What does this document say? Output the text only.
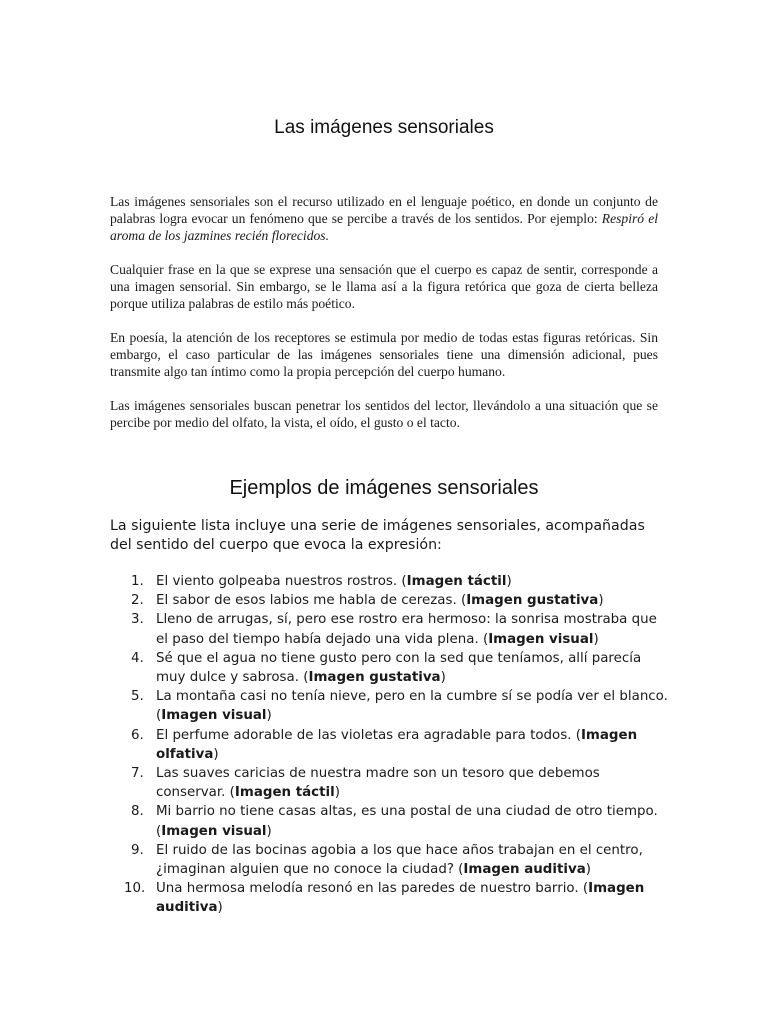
Las imágenes sensoriales

Las imágenes sensoriales son el recurso utilizado en el lenguaje poético, en donde un conjunto de palabras logra evocar un fenómeno que se percibe a través de los sentidos. Por ejemplo: Respiró el aroma de los jazmines recién florecidos.

Cualquier frase en la que se exprese una sensación que el cuerpo es capaz de sentir, corresponde a una imagen sensorial. Sin embargo, se le llama así a la figura retórica que goza de cierta belleza porque utiliza palabras de estilo más poético.

En poesía, la atención de los receptores se estimula por medio de todas estas figuras retóricas. Sin embargo, el caso particular de las imágenes sensoriales tiene una dimensión adicional, pues transmite algo tan íntimo como la propia percepción del cuerpo humano.

Las imágenes sensoriales buscan penetrar los sentidos del lector, llevándolo a una situación que se percibe por medio del olfato, la vista, el oído, el gusto o el tacto.

Ejemplos de imágenes sensoriales

La siguiente lista incluye una serie de imágenes sensoriales, acompañadas del sentido del cuerpo que evoca la expresión:

1. El viento golpeaba nuestros rostros. (Imagen táctil)
2. El sabor de esos labios me habla de cerezas. (Imagen gustativa)
3. Lleno de arrugas, sí, pero ese rostro era hermoso: la sonrisa mostraba que el paso del tiempo había dejado una vida plena. (Imagen visual)
4. Sé que el agua no tiene gusto pero con la sed que teníamos, allí parecía muy dulce y sabrosa. (Imagen gustativa)
5. La montaña casi no tenía nieve, pero en la cumbre sí se podía ver el blanco. (Imagen visual)
6. El perfume adorable de las violetas era agradable para todos. (Imagen olfativa)
7. Las suaves caricias de nuestra madre son un tesoro que debemos conservar. (Imagen táctil)
8. Mi barrio no tiene casas altas, es una postal de una ciudad de otro tiempo. (Imagen visual)
9. El ruido de las bocinas agobia a los que hace años trabajan en el centro, ¿imaginan alguien que no conoce la ciudad? (Imagen auditiva)
10. Una hermosa melodía resonó en las paredes de nuestro barrio. (Imagen auditiva)
